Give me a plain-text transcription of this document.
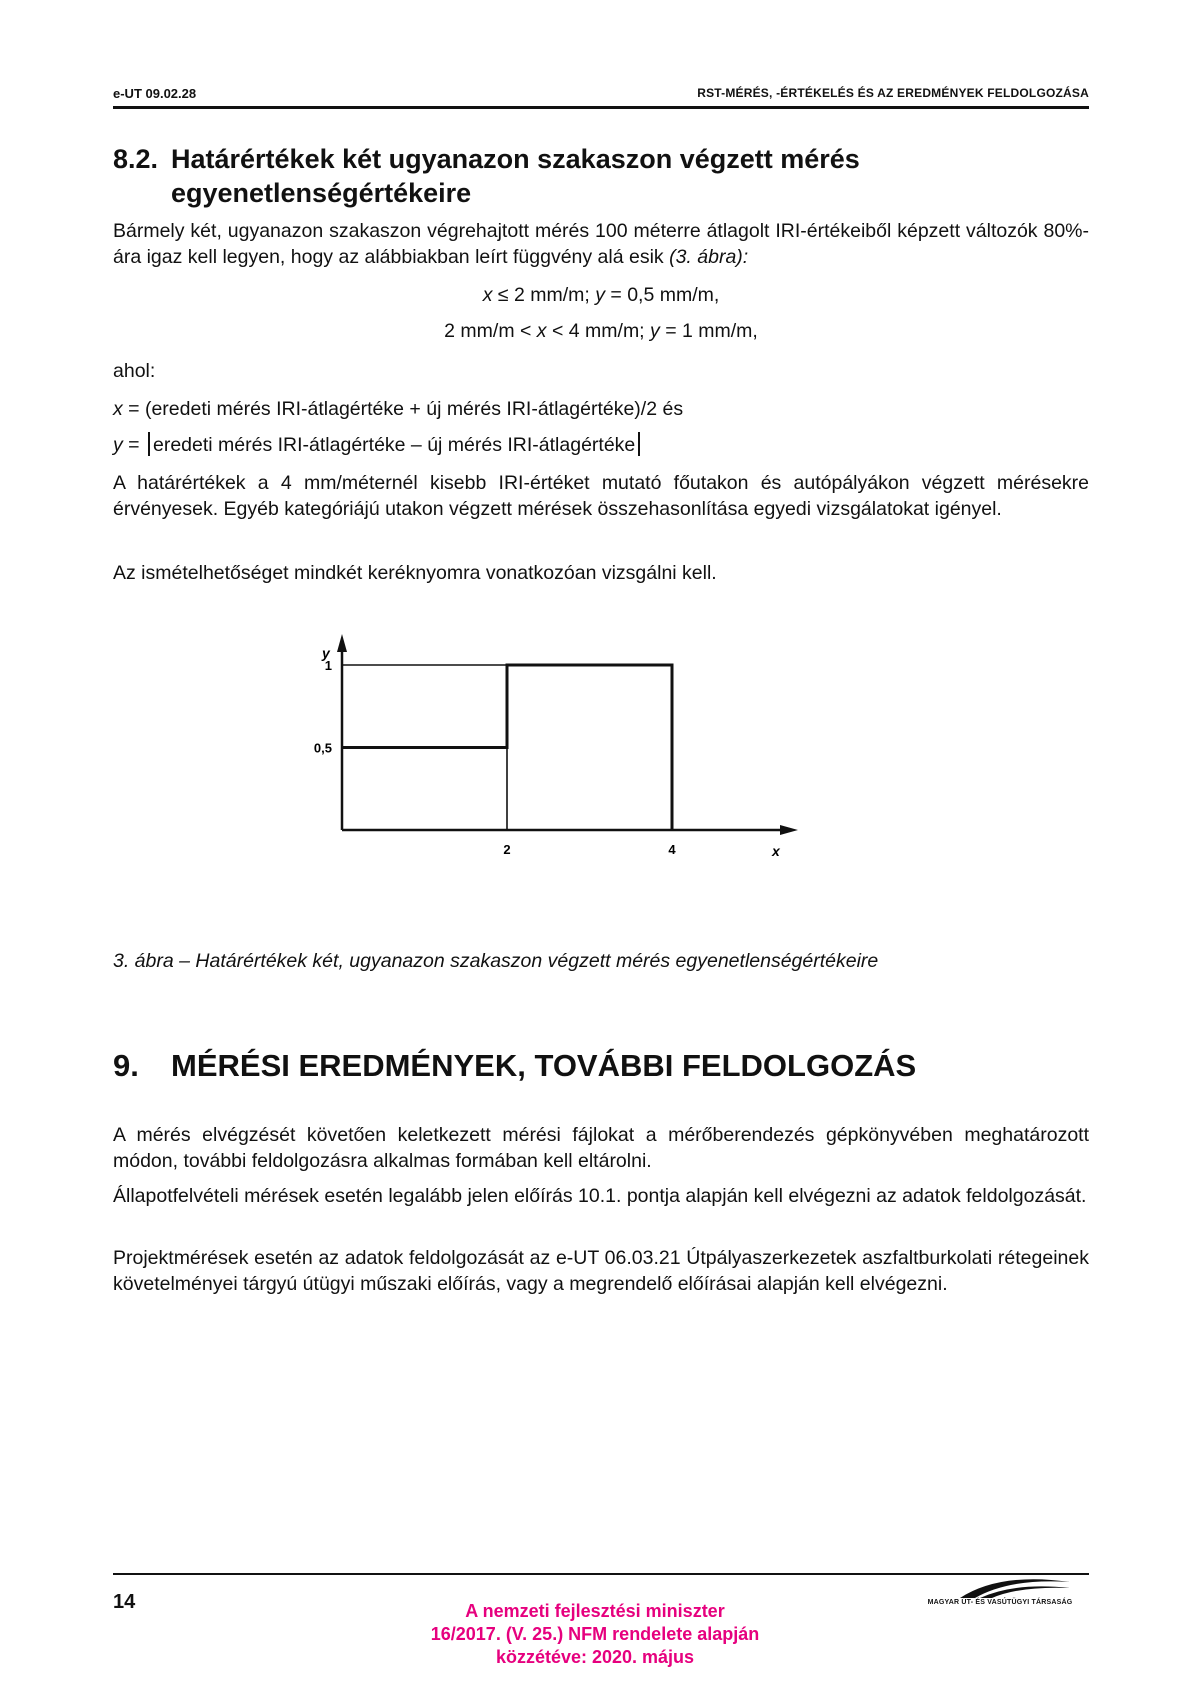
e-UT 09.02.28	RST-MÉRÉS, -ÉRTÉKELÉS ÉS AZ EREDMÉNYEK FELDOLGOZÁSA
8.2. Határértékek két ugyanazon szakaszon végzett mérés egyenetlenségértékeire
Bármely két, ugyanazon szakaszon végrehajtott mérés 100 méterre átlagolt IRI-értékeiből képzett változók 80%-ára igaz kell legyen, hogy az alábbiakban leírt függvény alá esik (3. ábra):
x ≤ 2 mm/m; y = 0,5 mm/m,
2 mm/m < x < 4 mm/m; y = 1 mm/m,
ahol:
x = (eredeti mérés IRI-átlagértéke + új mérés IRI-átlagértéke)/2 és
y = eredeti mérés IRI-átlagértéke – új mérés IRI-átlagértéke
A határértékek a 4 mm/méternél kisebb IRI-értéket mutató főutakon és autópályákon végzett mérésekre érvényesek. Egyéb kategóriájú utakon végzett mérések összehasonlítása egyedi vizsgálatokat igényel.
Az ismételhetőséget mindkét keréknyomra vonatkozóan vizsgálni kell.
2	4
0,5
1
x
y
3. ábra – Határértékek két, ugyanazon szakaszon végzett mérés egyenetlenségértékeire
9. MÉRÉSI EREDMÉNYEK, TOVÁBBI FELDOLGOZÁS
A mérés elvégzését követően keletkezett mérési fájlokat a mérőberendezés gépkönyvében meghatározott módon, további feldolgozásra alkalmas formában kell eltárolni.
Állapotfelvételi mérések esetén legalább jelen előírás 10.1. pontja alapján kell elvégezni az adatok feldolgozását.
Projektmérések esetén az adatok feldolgozását az e-UT 06.03.21 Útpályaszerkezetek aszfaltburkolati rétegeinek követelményei tárgyú útügyi műszaki előírás, vagy a megrendelő előírásai alapján kell elvégezni.
14	A nemzeti fejlesztési miniszter
16/2017. (V. 25.) NFM rendelete alapján
közzétéve: 2020. május
MAGYAR ÚT- ÉS VASÚTÜGYI TÁRSASÁG
